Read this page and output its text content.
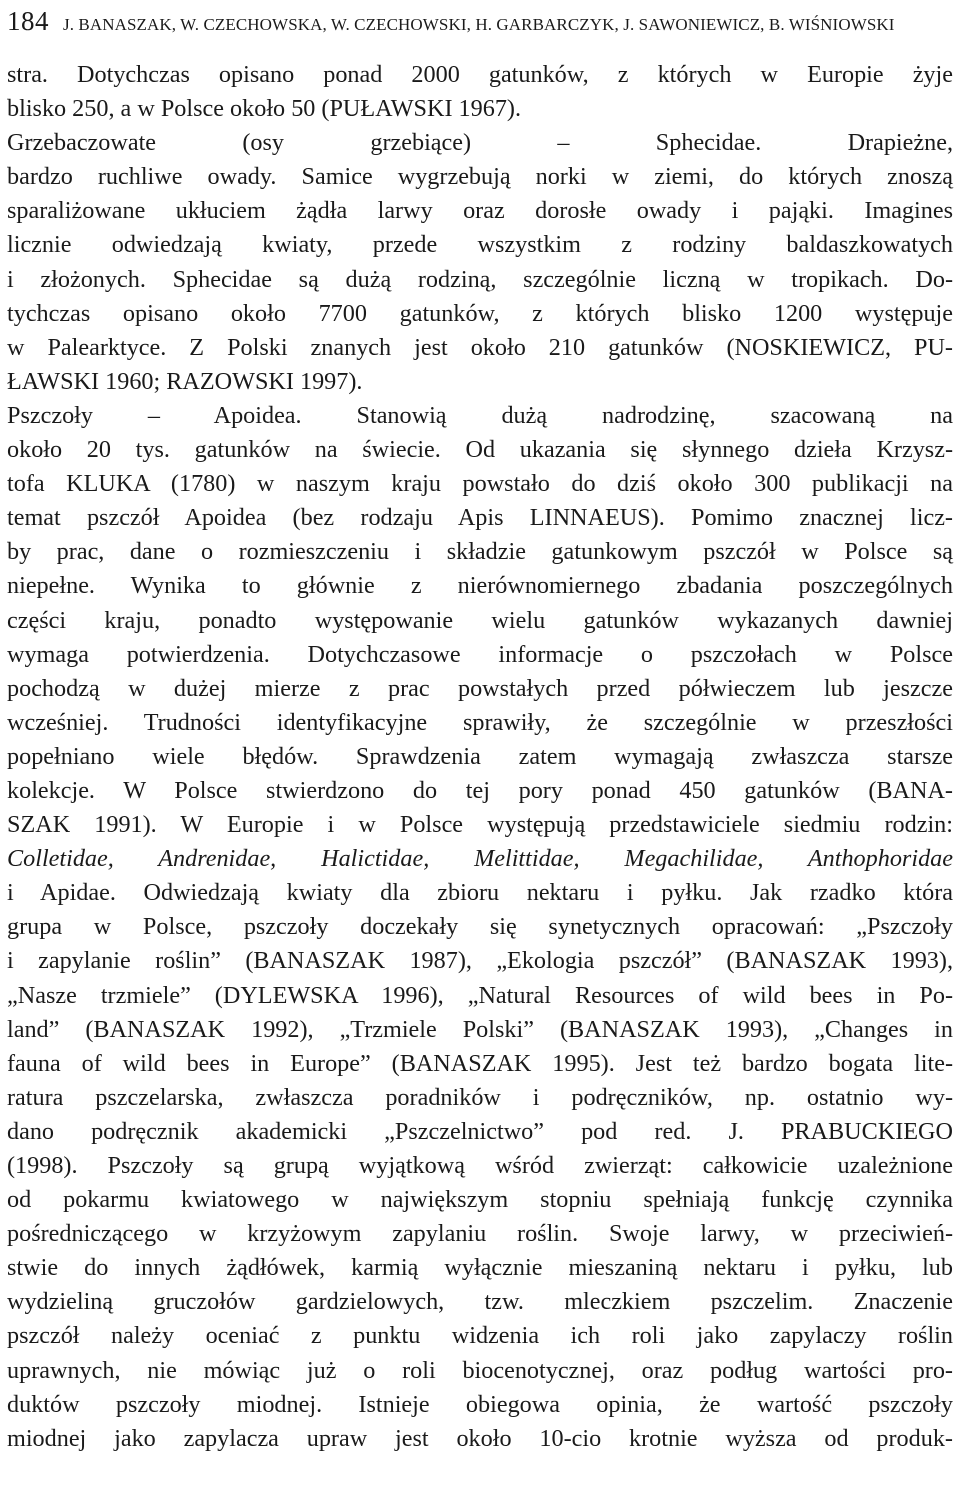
184 J. BANASZAK, W. CZECHOWSKA, W. CZECHOWSKI, H. GARBARCZYK, J. SAWONIEWICZ, B. WIŚNIOWSKI
stra. Dotychczas opisano ponad 2000 gatunków, z których w Europie żyje
blisko 250, a w Polsce około 50 (PUŁAWSKI 1967).
Grzebaczowate (osy grzebiące) – Sphecidae. Drapieżne,
bardzo ruchliwe owady. Samice wygrzebują norki w ziemi, do których znoszą
sparaliżowane ukłuciem żądła larwy oraz dorosłe owady i pająki. Imagines
licznie odwiedzają kwiaty, przede wszystkim z rodziny baldaszkowatych
i złożonych. Sphecidae są dużą rodziną, szczególnie liczną w tropikach. Do-
tychczas opisano około 7700 gatunków, z których blisko 1200 występuje
w Palearktyce. Z Polski znanych jest około 210 gatunków (NOSKIEWICZ, PU-
ŁAWSKI 1960; RAZOWSKI 1997).
Pszczoły – Apoidea. Stanowią dużą nadrodzinę, szacowaną na
około 20 tys. gatunków na świecie. Od ukazania się słynnego dzieła Krzysz-
tofa KLUKA (1780) w naszym kraju powstało do dziś około 300 publikacji na
temat pszczół Apoidea (bez rodzaju Apis LINNAEUS). Pomimo znacznej licz-
by prac, dane o rozmieszczeniu i składzie gatunkowym pszczół w Polsce są
niepełne. Wynika to głównie z nierównomiernego zbadania poszczególnych
części kraju, ponadto występowanie wielu gatunków wykazanych dawniej
wymaga potwierdzenia. Dotychczasowe informacje o pszczołach w Polsce
pochodzą w dużej mierze z prac powstałych przed półwieczem lub jeszcze
wcześniej. Trudności identyfikacyjne sprawiły, że szczególnie w przeszłości
popełniano wiele błędów. Sprawdzenia zatem wymagają zwłaszcza starsze
kolekcje. W Polsce stwierdzono do tej pory ponad 450 gatunków (BANA-
SZAK 1991). W Europie i w Polsce występują przedstawiciele siedmiu rodzin:
Colletidae, Andrenidae, Halictidae, Melittidae, Megachilidae, Anthophoridae
i Apidae. Odwiedzają kwiaty dla zbioru nektaru i pyłku. Jak rzadko która
grupa w Polsce, pszczoły doczekały się synetycznych opracowań: „Pszczoły
i zapylanie roślin” (BANASZAK 1987), „Ekologia pszczół” (BANASZAK 1993),
„Nasze trzmiele” (DYLEWSKA 1996), „Natural Resources of wild bees in Po-
land” (BANASZAK 1992), „Trzmiele Polski” (BANASZAK 1993), „Changes in
fauna of wild bees in Europe” (BANASZAK 1995). Jest też bardzo bogata lite-
ratura pszczelarska, zwłaszcza poradników i podręczników, np. ostatnio wy-
dano podręcznik akademicki „Pszczelnictwo” pod red. J. PRABUCKIEGO
(1998). Pszczoły są grupą wyjątkową wśród zwierząt: całkowicie uzależnione
od pokarmu kwiatowego w największym stopniu spełniają funkcję czynnika
pośredniczącego w krzyżowym zapylaniu roślin. Swoje larwy, w przeciwień-
stwie do innych żądłówek, karmią wyłącznie mieszaniną nektaru i pyłku, lub
wydzieliną gruczołów gardzielowych, tzw. mleczkiem pszczelim. Znaczenie
pszczół należy oceniać z punktu widzenia ich roli jako zapylaczy roślin
uprawnych, nie mówiąc już o roli biocenotycznej, oraz podług wartości pro-
duktów pszczoły miodnej. Istnieje obiegowa opinia, że wartość pszczoły
miodnej jako zapylacza upraw jest około 10-cio krotnie wyższa od produk-
